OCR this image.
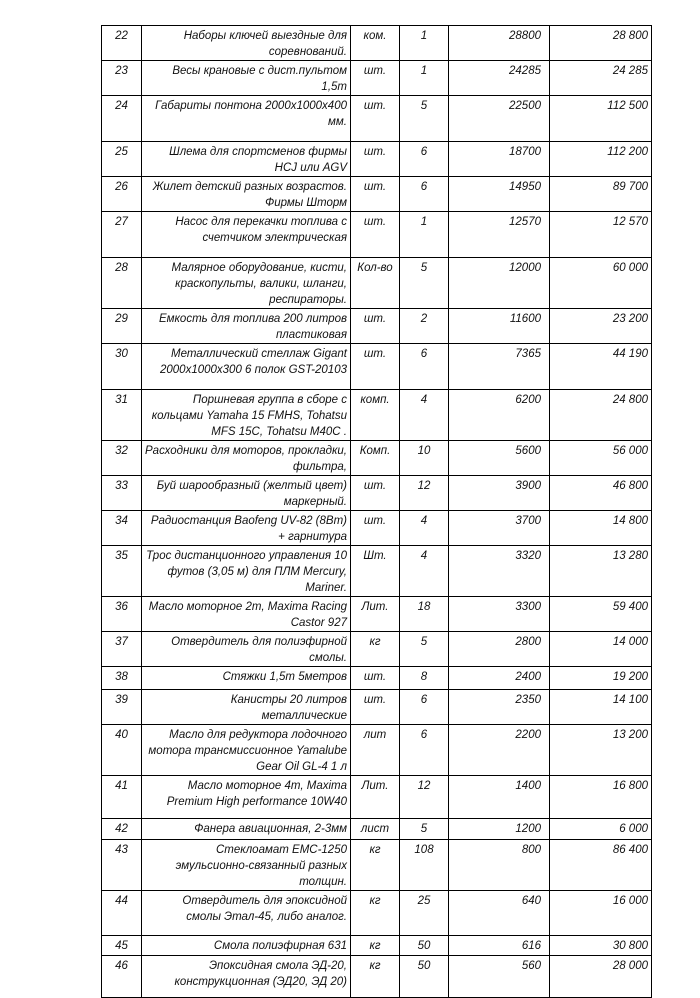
22	Наборы ключей выездные для соревнований.	ком.	1	28800	28 800
23	Весы крановые с дист.пультом 1,5т	шт.	1	24285	24 285
24	Габариты понтона 2000х1000х400 мм.	шт.	5	22500	112 500
25	Шлема для спортсменов фирмы HCJ или AGV	шт.	6	18700	112 200
26	Жилет детский разных возрастов. Фирмы Шторм	шт.	6	14950	89 700
27	Насос для перекачки топлива с счетчиком электрическая	шт.	1	12570	12 570
28	Малярное оборудование, кисти, краскопульты, валики, шланги, респираторы.	Кол-во	5	12000	60 000
29	Емкость для топлива 200 литров пластиковая	шт.	2	11600	23 200
30	Металлический стеллаж Gigant 2000х1000х300 6 полок GST-20103	шт.	6	7365	44 190
31	Поршневая группа в сборе с кольцами Yamaha 15 FMHS, Tohatsu MFS 15C, Tohatsu M40C .	комп.	4	6200	24 800
32	Расходники для моторов, прокладки, фильтра,	Комп.	10	5600	56 000
33	Буй шарообразный (желтый цвет) маркерный.	шт.	12	3900	46 800
34	Радиостанция Baofeng UV-82 (8Вт) + гарнитура	шт.	4	3700	14 800
35	Трос дистанционного управления 10 футов (3,05 м) для ПЛМ Mercury, Mariner.	Шт.	4	3320	13 280
36	Масло моторное 2т, Maxima Racing Castor 927	Лит.	18	3300	59 400
37	Отвердитель для полиэфирной смолы.	кг	5	2800	14 000
38	Стяжки 1,5т 5метров	шт.	8	2400	19 200
39	Канистры 20 литров металлические	шт.	6	2350	14 100
40	Масло для редуктора лодочного мотора трансмиссионное Yamalube Gear Oil GL-4 1 л	лит	6	2200	13 200
41	Масло моторное 4т, Maxima Premium High performance 10W40	Лит.	12	1400	16 800
42	Фанера авиационная, 2-3мм	лист	5	1200	6 000
43	Стеклоамат ЕМС-1250 эмульсионно-связанный разных толщин.	кг	108	800	86 400
44	Отвердитель для эпоксидной смолы Этал-45, либо аналог.	кг	25	640	16 000
45	Смола полиэфирная 631	кг	50	616	30 800
46	Эпоксидная смола ЭД-20, конструкционная (ЭД20, ЭД 20)	кг	50	560	28 000
